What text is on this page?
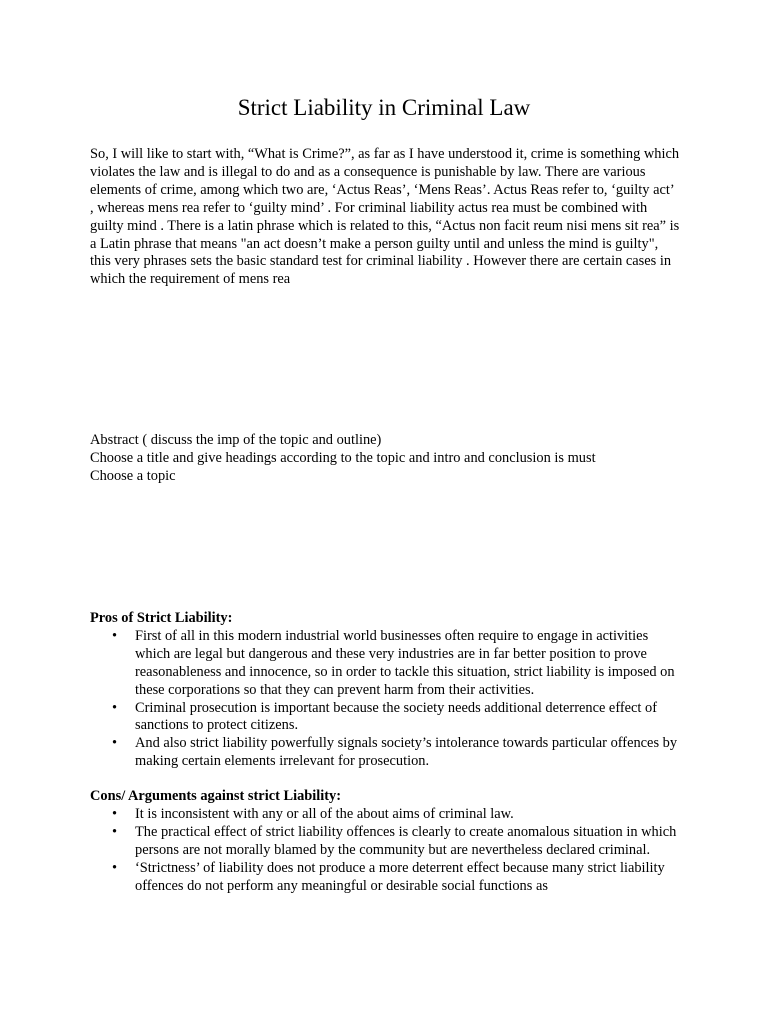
Strict Liability in Criminal Law

So, I will like to start with, “What is Crime?”, as far as I have understood it, crime is something which violates the law and is illegal to do and as a consequence is punishable by law. There are various elements of crime, among which two are, ‘Actus Reas’, ‘Mens Reas’. Actus Reas refer to, ‘guilty act’ , whereas mens rea refer to ‘guilty mind’ . For criminal liability actus rea must be combined with guilty mind . There is a latin phrase which is related to this, “Actus non facit reum nisi mens sit rea” is a Latin phrase that means "an act doesn’t make a person guilty until and unless the mind is guilty", this very phrases sets the basic standard test for criminal liability . However there are certain cases in which the requirement of mens rea

Abstract ( discuss the imp of the topic and outline)
Choose a title and give headings according to the topic and intro and conclusion is must
Choose a topic

Pros of Strict Liability:

• First of all in this modern industrial world businesses often require to engage in activities which are legal but dangerous and these very industries are in far better position to prove reasonableness and innocence, so in order to tackle this situation, strict liability is imposed on these corporations so that they can prevent harm from their activities.
• Criminal prosecution is important because the society needs additional deterrence effect of sanctions to protect citizens.
• And also strict liability powerfully signals society’s intolerance towards particular offences by making certain elements irrelevant for prosecution.

Cons/ Arguments against strict Liability:

• It is inconsistent with any or all of the about aims of criminal law.
• The practical effect of strict liability offences is clearly to create anomalous situation in which persons are not morally blamed by the community but are nevertheless declared criminal.
• ‘Strictness’ of liability does not produce a more deterrent effect because many strict liability offences do not perform any meaningful or desirable social functions as
